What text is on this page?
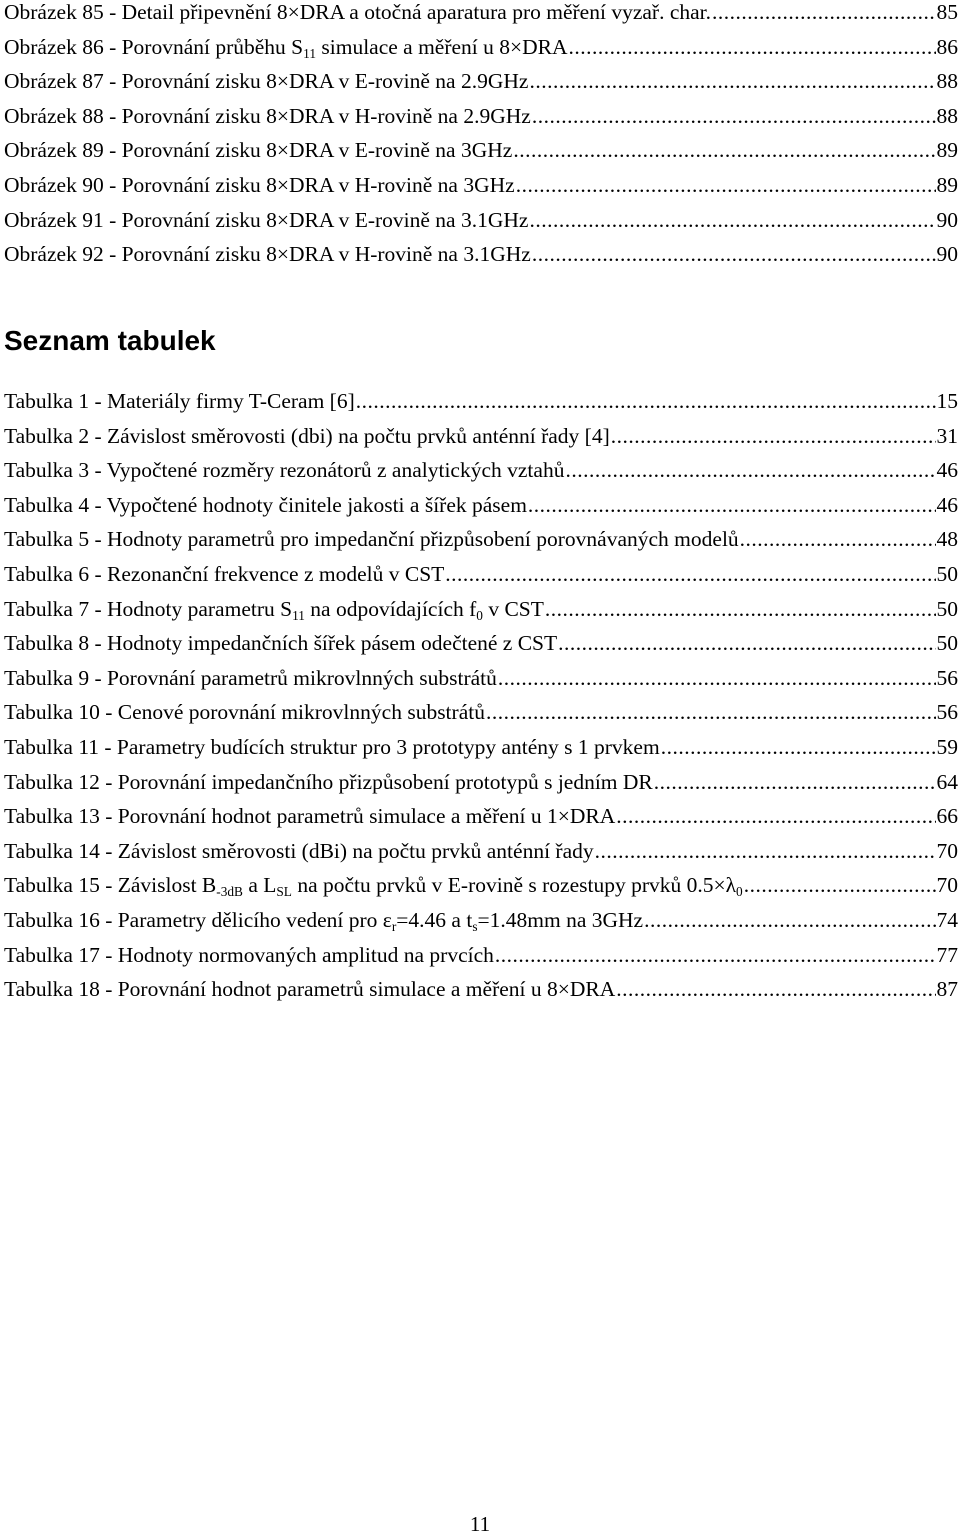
Obrázek 85 - Detail připevnění 8×DRA a otočná aparatura pro měření vyzař. char. .....	85
Obrázek 86 - Porovnání průběhu $S_{11}$ simulace a měření u 8×DRA .....	86
Obrázek 87 - Porovnání zisku 8×DRA v E-rovině na 2.9GHz .....	88
Obrázek 88 - Porovnání zisku 8×DRA v H-rovině na 2.9GHz .....	88
Obrázek 89 - Porovnání zisku 8×DRA v E-rovině na 3GHz .....	89
Obrázek 90 - Porovnání zisku 8×DRA v H-rovině na 3GHz .....	89
Obrázek 91 - Porovnání zisku 8×DRA v E-rovině na 3.1GHz .....	90
Obrázek 92 - Porovnání zisku 8×DRA v H-rovině na 3.1GHz .....	90
Seznam tabulek
Tabulka 1 - Materiály firmy T-Ceram [6] .....	15
Tabulka 2 - Závislost směrovosti (dbi) na počtu prvků anténní řady [4] .....	31
Tabulka 3 - Vypočtené rozměry rezonátorů z analytických vztahů .....	46
Tabulka 4 - Vypočtené hodnoty činitele jakosti a šířek pásem .....	46
Tabulka 5 - Hodnoty parametrů pro impedanční přizpůsobení porovnávaných modelů .....	48
Tabulka 6 - Rezonanční frekvence z modelů v CST .....	50
Tabulka 7 - Hodnoty parametru $S_{11}$ na odpovídajících $f_0$ v CST .....	50
Tabulka 8 - Hodnoty impedančních šířek pásem odečtené z CST .....	50
Tabulka 9 - Porovnání parametrů mikrovlnných substrátů .....	56
Tabulka 10 - Cenové porovnání mikrovlnných substrátů .....	56
Tabulka 11 - Parametry budících struktur pro 3 prototypy antény s 1 prvkem .....	59
Tabulka 12 - Porovnání impedančního přizpůsobení prototypů s jedním DR .....	64
Tabulka 13 - Porovnání hodnot parametrů simulace a měření u 1×DRA .....	66
Tabulka 14 - Závislost směrovosti (dBi) na počtu prvků anténní řady .....	70
Tabulka 15 - Závislost $B_{-3dB}$ a $L_{SL}$ na počtu prvků v E-rovině s rozestupy prvků $0.5\times\lambda_0$ .....	70
Tabulka 16 - Parametry dělicího vedení pro $\varepsilon_r=4.46$ a $t_s=1.48mm$ na 3GHz .....	74
Tabulka 17 - Hodnoty normovaných amplitud na prvcích .....	77
Tabulka 18 - Porovnání hodnot parametrů simulace a měření u 8×DRA .....	87
11
